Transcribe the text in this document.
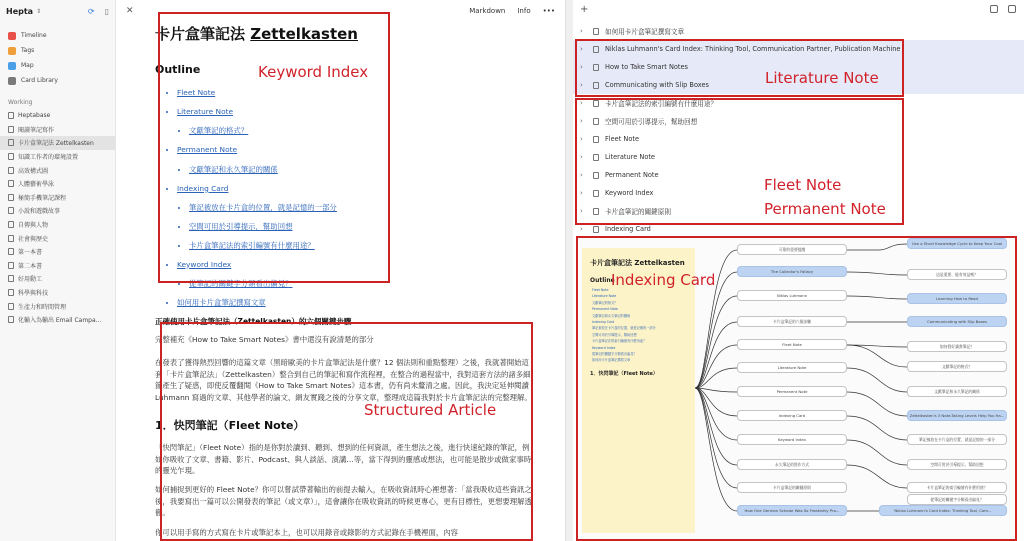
Hepta ⇕	⟳ ▯
Timeline
Tags
Map
Card Library
Working
Heptabase
閱讀筆記寫作
卡片盒筆記法 Zettelkasten
知識工作者的環境設置
高效構式圖
人體藝術學泳
極簡手機筆記課程
小說和遊戲故事
自傳與人物
社會與歷史
第一本書
第二本書
好用動工
科學與科技
生產力和時間管理
化輸入為輸出 Email Campa...
✕	Markdown Info •••
卡片盒筆記法 Zettelkasten
Outline
• Fleet Note
• Literature Note
• 文獻筆記的格式？
• Permanent Note
• 文獻筆記和永久筆記的關係
• Indexing Card
• 筆記被放在卡片盒的位置，就是記憶的一部分
• 空間可用於引導提示，幫助回想
• 卡片盒筆記法的索引編號有什麼用途？
• Keyword Index
• 從筆記的關鍵字分類看出偏見？
• 如何用卡片盒筆記撰寫文章
正確使用卡片盒筆記法（Zettelkasten）的六個關鍵步驟
完整補充《How to Take Smart Notes》書中還沒有說清楚的部分
在發表了獲得熱烈回響的這篇文章（黑暗歐美的卡片盒筆記法是什麼？12 個法則和重點整理）之後，我就著開始這套「卡片盒筆記法」（Zettelkasten）整合到自己的筆記和寫作流程裡，在整合的過程當中，我對這套方法的諸多細節產生了疑惑，即使反覆翻閱《How to Take Smart Notes》這本書，仍有尚未釐清之處。因此，我決定延伸閱讀 Luhmann 寫過的文章、其他學者的論文、網友實踐之後的分享文章，整理成這篇我對於卡片盒筆記法的完整理解。
1．快閃筆記（Fleet Note）
「快閃筆記」（Fleet Note）指的是你對於讀到、聽到、想到的任何資訊，產生想法之後，進行快速紀錄的筆記，例如你吸收了文章、書籍、影片、Podcast、與人談話、演講…等，當下得到的靈感或想法，也可能是散步或做家事時的靈光乍現。
如何捕捉到更好的 Fleet Note？你可以嘗試帶著輸出的前提去輸入，在吸收資訊時心裡想著：「當我吸收這些資訊之後，我要寫出一篇可以公開發表的筆記（或文章）」，這會讓你在吸收資訊的時候更專心，更有目標性，更想要理解透徹。
你可以用手寫的方式寫在卡片或筆記本上，也可以用錄音或錄影的方式記錄在手機裡面，內容
Keyword Index
Structured Article
+
›	如何用卡片盒筆記撰寫文章
›	Niklas Luhmann's Card Index: Thinking Tool, Communication Partner, Publication Machine
›	How to Take Smart Notes
›	Communicating with Slip Boxes
›	卡片盒筆記法的索引編號有什麼用途？
›	空間可用於引導提示，幫助回想
›	Fleet Note
›	Literature Note
›	Permanent Note
›	Keyword Index
›	卡片盒筆記的關鍵原則
›	Indexing Card
Literature Note
Fleet Note
Permanent Note
卡片盒筆記法 Zettelkasten
Outline
Fleet Note
Literature Note
文獻筆記的格式？
Permanent Note
文獻筆記和永久筆記的關係
Indexing Card
筆記被放在卡片盒的位置，就是記憶的一部分
空間可用於引導提示，幫助回想
卡片盒筆記法的索引編號有什麼用途？
Keyword Index
從筆記的關鍵字分類看出偏見？
如何用卡片盒筆記撰寫文章
1．快閃筆記（Fleet Note）
可靠的重要提醒
The Collector's Fallacy
Niklas Luhmann
卡片盒筆記的六個步驟
Fleet Note
Literature Note
Permanent Note
Indexing Card
Keyword Index
永久筆記的寫作方式
卡片盒筆記的關鍵原則
How One German Scholar Was So Freakishly Pro...
Use a Short Knowledge Cycle to Keep Your Cool
這是重要、能有效益嗎？
Learning How to Read
Communicating with Slip Boxes
如何寫好讀書筆記？
文獻筆記的格式？
文獻筆記和永久筆記的關係
Zettelkasten's 3 Note-Taking Levels Help You Ha...
筆記被放在卡片盒的位置，就是記憶的一部分
空間可用於引導提示，幫助回想
卡片盒筆記的索引編號有什麼用途？
從筆記的關鍵字分類看出偏見？
Niklas Luhmann's Card Index: Thinking Tool, Com...
Indexing Card
